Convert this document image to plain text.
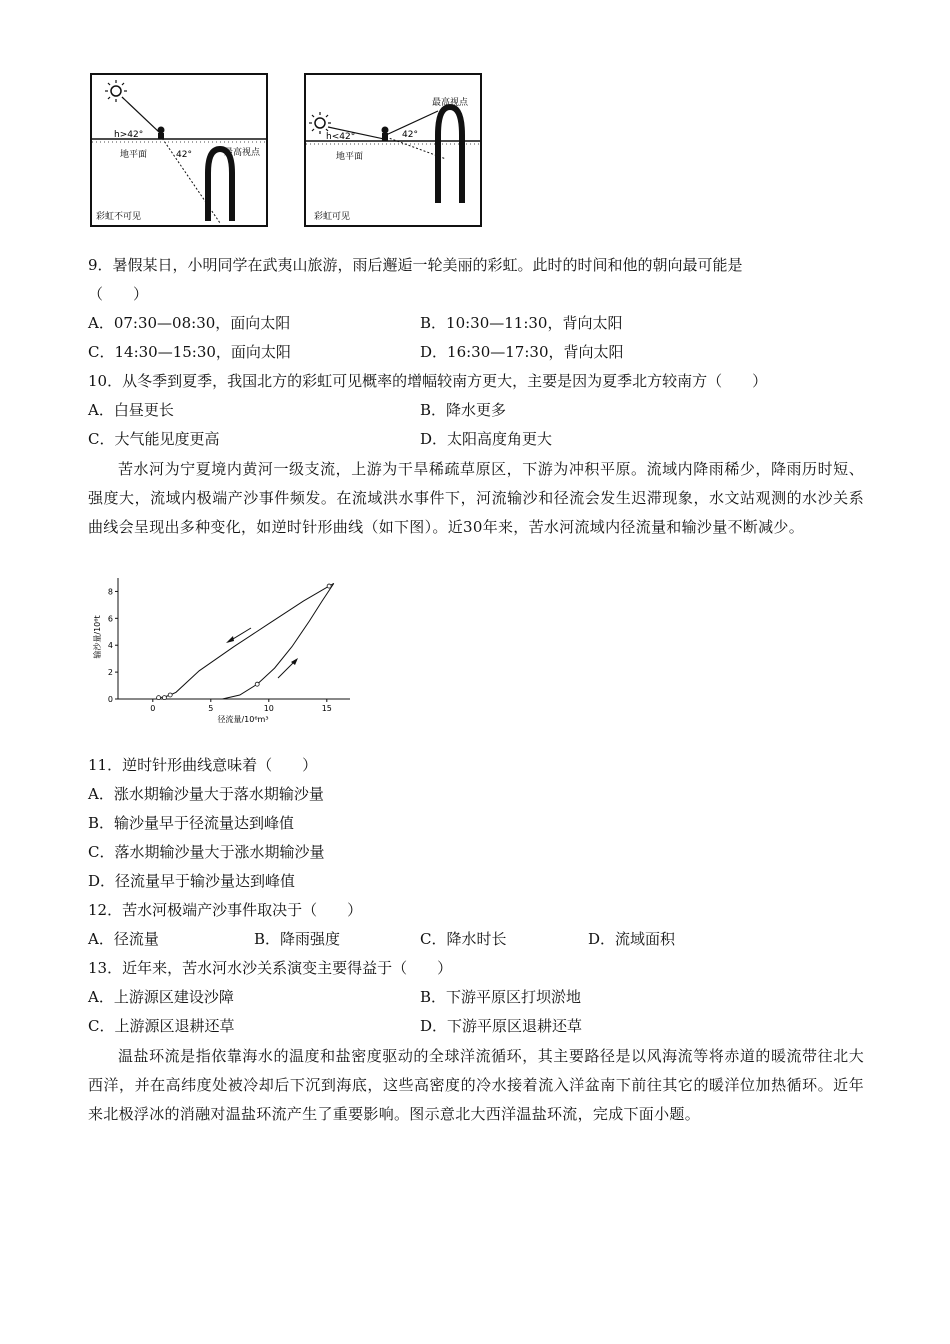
h>42°
地平面	42°	最高视点
彩虹不可见
h<42°
地平面
42°
最高视点
彩虹可见
9．暑假某日，小明同学在武夷山旅游，雨后邂逅一轮美丽的彩虹。此时的时间和他的朝向最可能是
（　　）
A．07:30—08:30，面向太阳	B．10:30—11:30，背向太阳
C．14:30—15:30，面向太阳	D．16:30—17:30，背向太阳
10．从冬季到夏季，我国北方的彩虹可见概率的增幅较南方更大，主要是因为夏季北方较南方（　　）
A．白昼更长	B．降水更多
C．大气能见度更高	D．太阳高度角更大
苦水河为宁夏境内黄河一级支流，上游为干旱稀疏草原区，下游为冲积平原。流域内降雨稀少，降雨历时短、强度大，流域内极端产沙事件频发。在流域洪水事件下，河流输沙和径流会发生迟滞现象，水文站观测的水沙关系曲线会呈现出多种变化，如逆时针形曲线（如下图）。近30年来，苦水河流域内径流量和输沙量不断减少。
0	5	10	15
0
2
4
6
8
径流量/10⁶m³
输沙量/10⁶t
11．逆时针形曲线意味着（　　）
A．涨水期输沙量大于落水期输沙量
B．输沙量早于径流量达到峰值
C．落水期输沙量大于涨水期输沙量
D．径流量早于输沙量达到峰值
12．苦水河极端产沙事件取决于（　　）
A．径流量	B．降雨强度	C．降水时长	D．流域面积
13．近年来，苦水河水沙关系演变主要得益于（　　）
A．上游源区建设沙障	B．下游平原区打坝淤地
C．上游源区退耕还草	D．下游平原区退耕还草
温盐环流是指依靠海水的温度和盐密度驱动的全球洋流循环，其主要路径是以风海流等将赤道的暖流带往北大西洋，并在高纬度处被冷却后下沉到海底，这些高密度的冷水接着流入洋盆南下前往其它的暖洋位加热循环。近年来北极浮冰的消融对温盐环流产生了重要影响。图示意北大西洋温盐环流，完成下面小题。
